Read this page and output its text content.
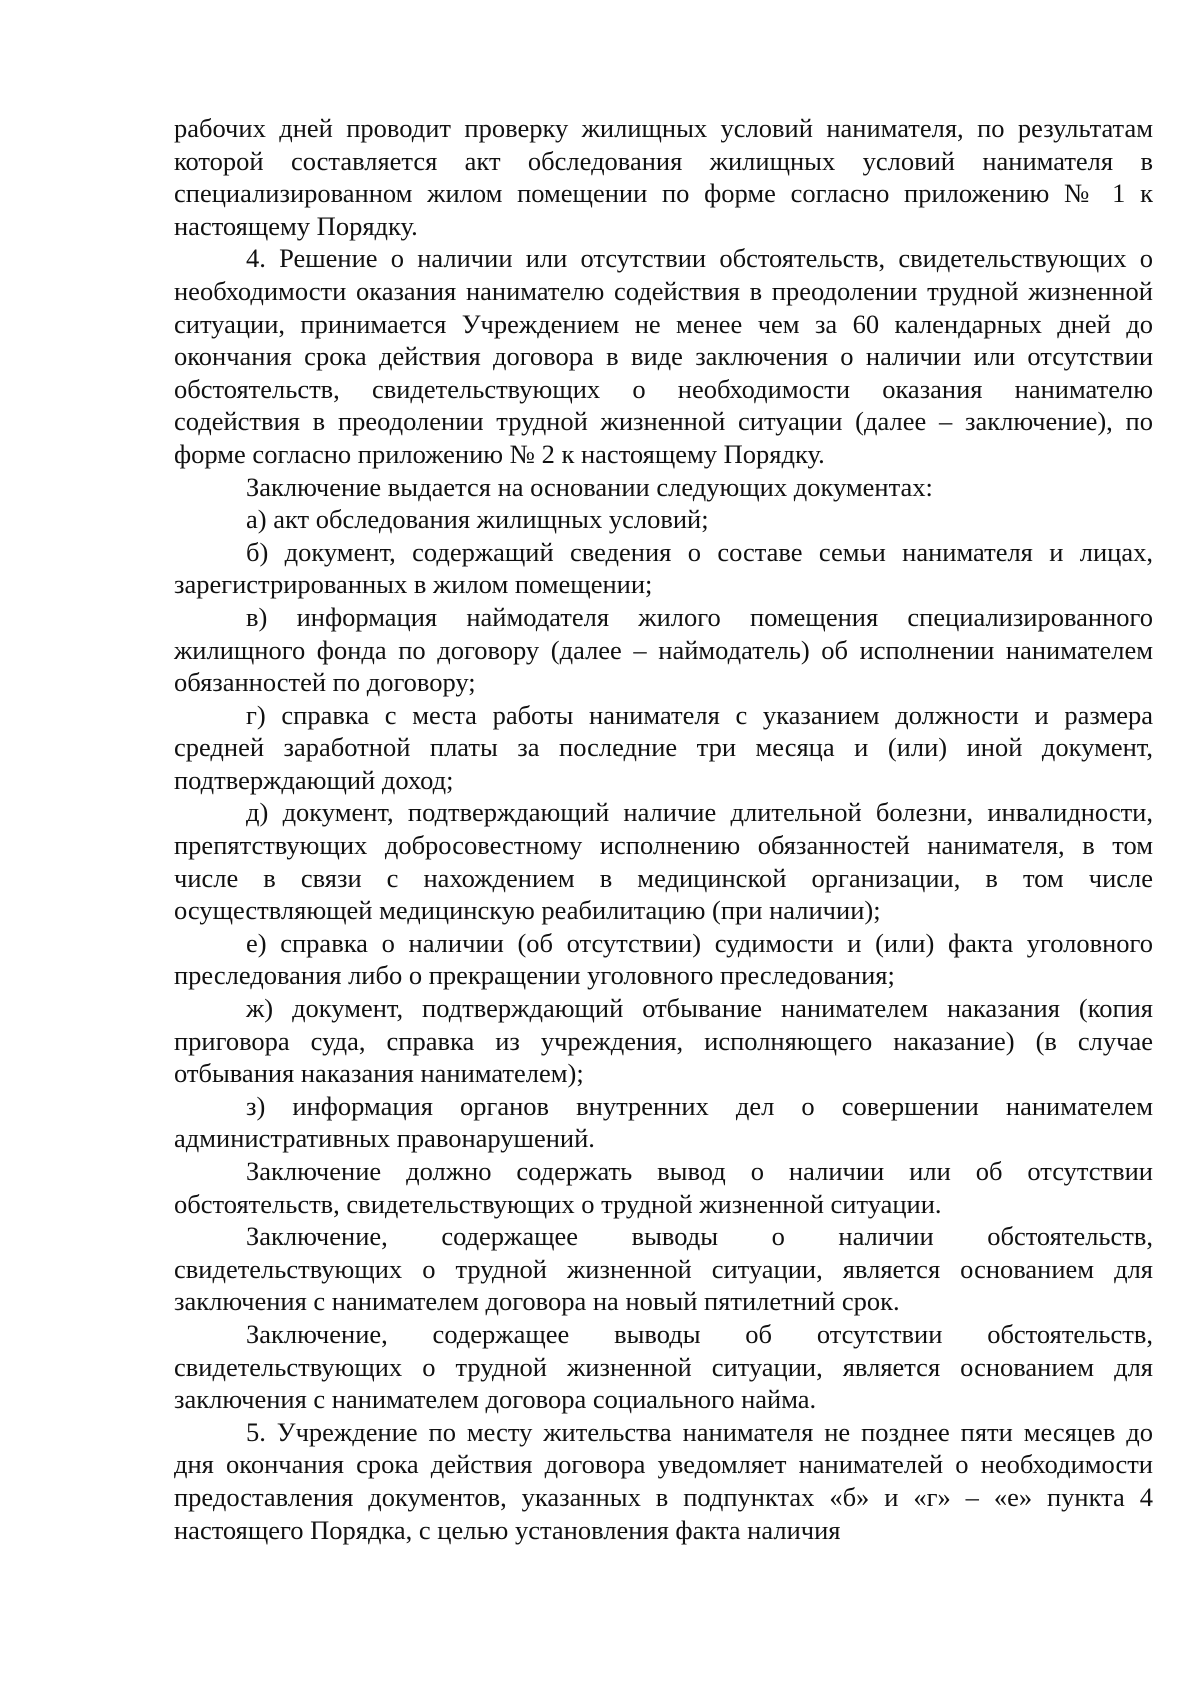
рабочих дней проводит проверку жилищных условий нанимателя, по результатам которой составляется акт обследования жилищных условий нанимателя в специализированном жилом помещении по форме согласно приложению № 1 к настоящему Порядку.

4. Решение о наличии или отсутствии обстоятельств, свидетельствующих о необходимости оказания нанимателю содействия в преодолении трудной жизненной ситуации, принимается Учреждением не менее чем за 60 календарных дней до окончания срока действия договора в виде заключения о наличии или отсутствии обстоятельств, свидетельствующих о необходимости оказания нанимателю содействия в преодолении трудной жизненной ситуации (далее – заключение), по форме согласно приложению № 2 к настоящему Порядку.

Заключение выдается на основании следующих документах:

а) акт обследования жилищных условий;

б) документ, содержащий сведения о составе семьи нанимателя и лицах, зарегистрированных в жилом помещении;

в) информация наймодателя жилого помещения специализированного жилищного фонда по договору (далее – наймодатель) об исполнении нанимателем обязанностей по договору;

г) справка с места работы нанимателя с указанием должности и размера средней заработной платы за последние три месяца и (или) иной документ, подтверждающий доход;

д) документ, подтверждающий наличие длительной болезни, инвалидности, препятствующих добросовестному исполнению обязанностей нанимателя, в том числе в связи с нахождением в медицинской организации, в том числе осуществляющей медицинскую реабилитацию (при наличии);

е) справка о наличии (об отсутствии) судимости и (или) факта уголовного преследования либо о прекращении уголовного преследования;

ж) документ, подтверждающий отбывание нанимателем наказания (копия приговора суда, справка из учреждения, исполняющего наказание) (в случае отбывания наказания нанимателем);

з) информация органов внутренних дел о совершении нанимателем административных правонарушений.

Заключение должно содержать вывод о наличии или об отсутствии обстоятельств, свидетельствующих о трудной жизненной ситуации.

Заключение, содержащее выводы о наличии обстоятельств, свидетельствующих о трудной жизненной ситуации, является основанием для заключения с нанимателем договора на новый пятилетний срок.

Заключение, содержащее выводы об отсутствии обстоятельств, свидетельствующих о трудной жизненной ситуации, является основанием для заключения с нанимателем договора социального найма.

5. Учреждение по месту жительства нанимателя не позднее пяти месяцев до дня окончания срока действия договора уведомляет нанимателей о необходимости предоставления документов, указанных в подпунктах «б» и «г» – «е» пункта 4 настоящего Порядка, с целью установления факта наличия
